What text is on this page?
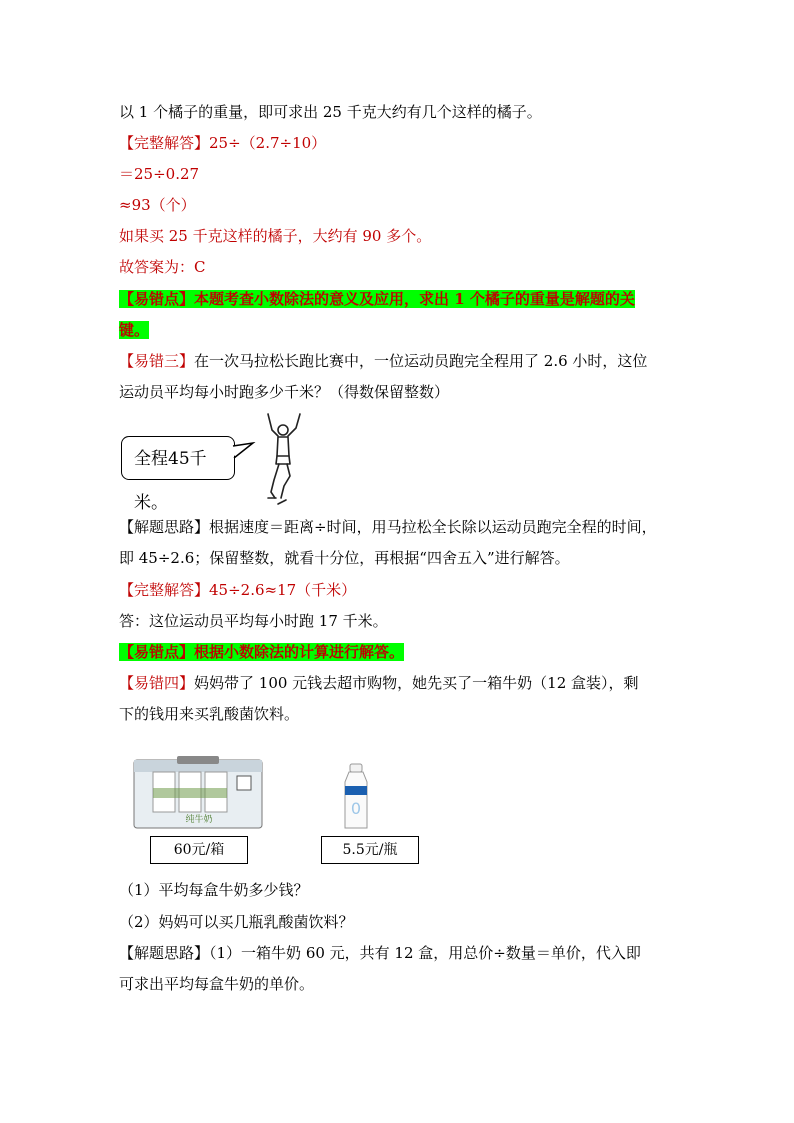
以 1 个橘子的重量，即可求出 25 千克大约有几个这样的橘子。
【完整解答】25÷（2.7÷10）
＝25÷0.27
≈93（个）
如果买 25 千克这样的橘子，大约有 90 多个。
故答案为：C
【易错点】本题考查小数除法的意义及应用，求出 1 个橘子的重量是解题的关
键。
【易错三】在一次马拉松长跑比赛中，一位运动员跑完全程用了 2.6 小时，这位
运动员平均每小时跑多少千米？（得数保留整数）
全程45千米。
【解题思路】根据速度＝距离÷时间，用马拉松全长除以运动员跑完全程的时间，
即 45÷2.6；保留整数，就看十分位，再根据“四舍五入”进行解答。
【完整解答】45÷2.6≈17（千米）
答：这位运动员平均每小时跑 17 千米。
【易错点】根据小数除法的计算进行解答。
【易错四】妈妈带了 100 元钱去超市购物，她先买了一箱牛奶（12 盒装），剩
下的钱用来买乳酸菌饮料。
纯牛奶
0
60元/箱	5.5元/瓶
（1）平均每盒牛奶多少钱？
（2）妈妈可以买几瓶乳酸菌饮料？
【解题思路】（1）一箱牛奶 60 元，共有 12 盒，用总价÷数量＝单价，代入即
可求出平均每盒牛奶的单价。
